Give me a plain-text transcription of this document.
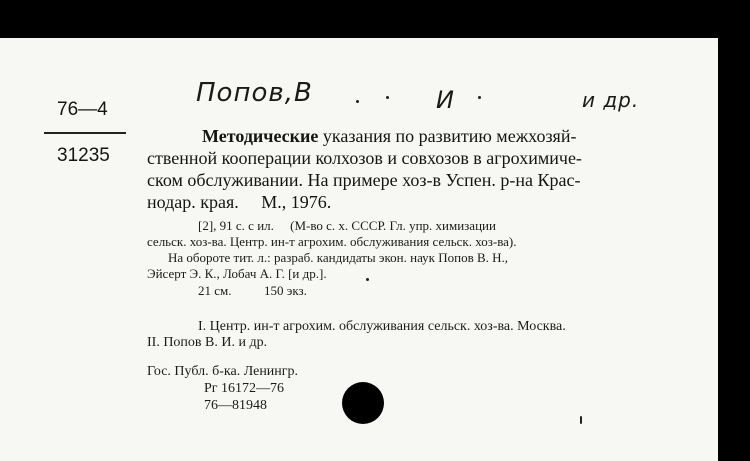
Попов,В	И	и др.
76—4
31235
Методические указания по развитию межхозяй-
ственной кооперации колхозов и совхозов в агрохимиче-
ском обслуживании. На примере хоз-в Успен. р-на Крас-
нодар. края.     М., 1976.
[2], 91 с. с ил.     (М-во с. х. СССР. Гл. упр. химизации
сельск. хоз-ва. Центр. ин-т агрохим. обслуживания сельск. хоз-ва).
На обороте тит. л.: разраб. кандидаты экон. наук Попов В. Н.,
Эйсерт Э. К., Лобач А. Г. [и др.].
21 см.          150 экз.
I. Центр. ин-т агрохим. обслуживания сельск. хоз-ва. Москва.
II. Попов В. И. и др.
Гос. Публ. б-ка. Ленингр.
Рг 16172—76
76—81948
